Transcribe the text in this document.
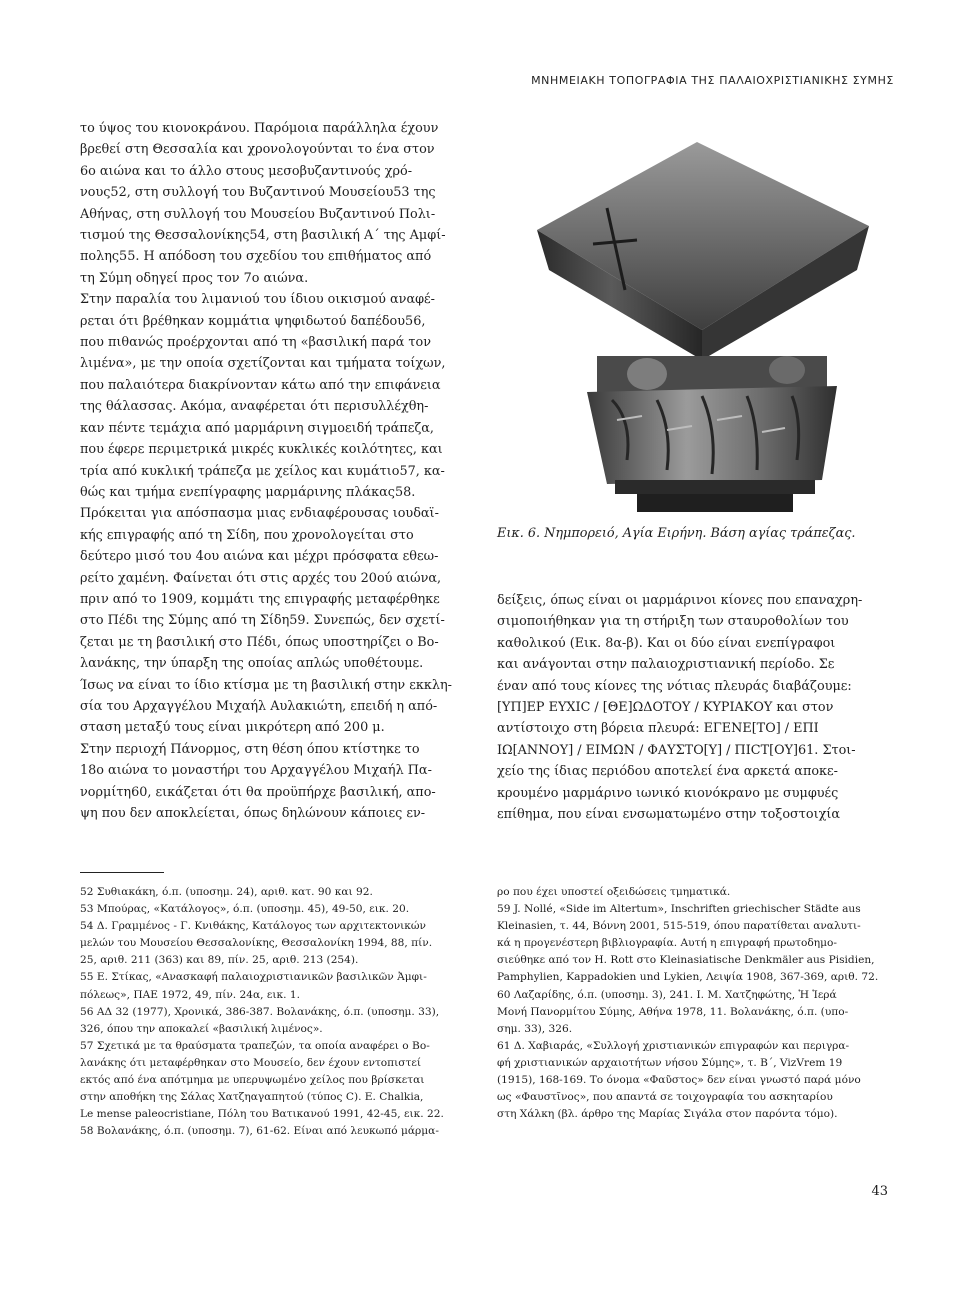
ΜΝΗΜΕΙΑΚΗ ΤΟΠΟΓΡΑΦΙΑ ΤΗΣ ΠΑΛΑΙΟΧΡΙΣΤΙΑΝΙΚΗΣ ΣΥΜΗΣ
το ύψος του κιονοκράνου. Παρόμοια παράλληλα έχουν
βρεθεί στη Θεσσαλία και χρονολογούνται το ένα στον
6ο αιώνα και το άλλο στους μεσοβυζαντινούς χρό-
νους52, στη συλλογή του Βυζαντινού Μουσείου53 της
Αθήνας, στη συλλογή του Μουσείου Βυζαντινού Πολι-
τισμού της Θεσσαλονίκης54, στη βασιλική Α΄ της Αμφί-
πολης55. Η απόδοση του σχεδίου του επιθήματος από
τη Σύμη οδηγεί προς τον 7ο αιώνα.
Στην παραλία του λιμανιού του ίδιου οικισμού αναφέ-
ρεται ότι βρέθηκαν κομμάτια ψηφιδωτού δαπέδου56,
που πιθανώς προέρχονται από τη «βασιλική παρά τον
λιμένα», με την οποία σχετίζονται και τμήματα τοίχων,
που παλαιότερα διακρίνονταν κάτω από την επιφάνεια
της θάλασσας. Ακόμα, αναφέρεται ότι περισυλλέχθη-
καν πέντε τεμάχια από μαρμάρινη σιγμοειδή τράπεζα,
που έφερε περιμετρικά μικρές κυκλικές κοιλότητες, και
τρία από κυκλική τράπεζα με χείλος και κυμάτιο57, κα-
θώς και τμήμα ενεπίγραφης μαρμάρινης πλάκας58.
Πρόκειται για απόσπασμα μιας ενδιαφέρουσας ιουδαϊ-
κής επιγραφής από τη Σίδη, που χρονολογείται στο
δεύτερο μισό του 4ου αιώνα και μέχρι πρόσφατα εθεω-
ρείτο χαμένη. Φαίνεται ότι στις αρχές του 20ού αιώνα,
πριν από το 1909, κομμάτι της επιγραφής μεταφέρθηκε
στο Πέδι της Σύμης από τη Σίδη59. Συνεπώς, δεν σχετί-
ζεται με τη βασιλική στο Πέδι, όπως υποστηρίζει ο Βο-
λανάκης, την ύπαρξη της οποίας απλώς υποθέτουμε.
Ίσως να είναι το ίδιο κτίσμα με τη βασιλική στην εκκλη-
σία του Αρχαγγέλου Μιχαήλ Αυλακιώτη, επειδή η από-
σταση μεταξύ τους είναι μικρότερη από 200 μ.
Στην περιοχή Πάνορμος, στη θέση όπου κτίστηκε το
18ο αιώνα το μοναστήρι του Αρχαγγέλου Μιχαήλ Πα-
νορμίτη60, εικάζεται ότι θα προϋπήρχε βασιλική, απο-
ψη που δεν αποκλείεται, όπως δηλώνουν κάποιες εν-
Εικ. 6. Νημπορειό, Αγία Ειρήνη. Βάση αγίας τράπεζας.
δείξεις, όπως είναι οι μαρμάρινοι κίονες που επαναχρη-
σιμοποιήθηκαν για τη στήριξη των σταυροθολίων του
καθολικού (Εικ. 8α-β). Και οι δύο είναι ενεπίγραφοι
και ανάγονται στην παλαιοχριστιανική περίοδο. Σε
έναν από τους κίονες της νότιας πλευράς διαβάζουμε:
[ΥΠ]ΕΡ ΕΥΧΙC / [ΘΕ]ΩΔΟΤΟΥ / ΚΥΡΙΑΚΟΥ και στον
αντίστοιχο στη βόρεια πλευρά: ΕΓΕΝΕ[ΤΟ] / ΕΠΙ
ΙΩ[ΑΝΝΟΥ] / ΕΙΜΩΝ / ΦΑΥΣΤΟ[Υ] / ΠΙCΤ[ΟΥ]61. Στοι-
χείο της ίδιας περιόδου αποτελεί ένα αρκετά αποκε-
κρουμένο μαρμάρινο ιωνικό κιονόκρανο με συμφυές
επίθημα, που είναι ενσωματωμένο στην τοξοστοιχία
52 Συθιακάκη, ό.π. (υποσημ. 24), αριθ. κατ. 90 και 92.
53 Μπούρας, «Κατάλογος», ό.π. (υποσημ. 45), 49-50, εικ. 20.
54 Δ. Γραμμένος - Γ. Κνιθάκης, Κατάλογος των αρχιτεκτονικών
μελών του Μουσείου Θεσσαλονίκης, Θεσσαλονίκη 1994, 88, πίν.
25, αριθ. 211 (363) και 89, πίν. 25, αριθ. 213 (254).
55 Ε. Στίκας, «Ανασκαφή παλαιοχριστιανικῶν βασιλικῶν Ἀμφι-
πόλεως», ΠΑΕ 1972, 49, πίν. 24α, εικ. 1.
56 ΑΔ 32 (1977), Χρονικά, 386-387. Βολανάκης, ό.π. (υποσημ. 33),
326, όπου την αποκαλεί «βασιλική λιμένος».
57 Σχετικά με τα θραύσματα τραπεζών, τα οποία αναφέρει ο Βο-
λανάκης ότι μεταφέρθηκαν στο Μουσείο, δεν έχουν εντοπιστεί
εκτός από ένα απότμημα με υπερυψωμένο χείλος που βρίσκεται
στην αποθήκη της Σάλας Χατζηαγαπητού (τύπος C). Ε. Chalkia,
Le mense paleocristiane, Πόλη του Βατικανού 1991, 42-45, εικ. 22.
58 Βολανάκης, ό.π. (υποσημ. 7), 61-62. Είναι από λευκωπό μάρμα-
ρο που έχει υποστεί οξειδώσεις τμηματικά.
59 J. Nollé, «Side im Altertum», Inschriften griechischer Städte aus
Kleinasien, τ. 44, Βόννη 2001, 515-519, όπου παρατίθεται αναλυτι-
κά η προγενέστερη βιβλιογραφία. Αυτή η επιγραφή πρωτοδημο-
σιεύθηκε από τον H. Rott στο Kleinasiatische Denkmäler aus Pisidien,
Pamphylien, Kappadokien und Lykien, Λειψία 1908, 367-369, αριθ. 72.
60 Λαζαρίδης, ό.π. (υποσημ. 3), 241. Ι. Μ. Χατζηφώτης, Ἡ Ἱερά
Μονή Πανορμίτου Σύμης, Αθήνα 1978, 11. Βολανάκης, ό.π. (υπο-
σημ. 33), 326.
61 Δ. Χαβιαράς, «Συλλογή χριστιανικών επιγραφών και περιγρα-
φή χριστιανικών αρχαιοτήτων νήσου Σύμης», τ. Β΄, VizVrem 19
(1915), 168-169. Το όνομα «Φαῦστος» δεν είναι γνωστό παρά μόνο
ως «Φαυστῖνος», που απαντά σε τοιχογραφία του ασκηταρίου
στη Χάλκη (βλ. άρθρο της Μαρίας Σιγάλα στον παρόντα τόμο).
43
